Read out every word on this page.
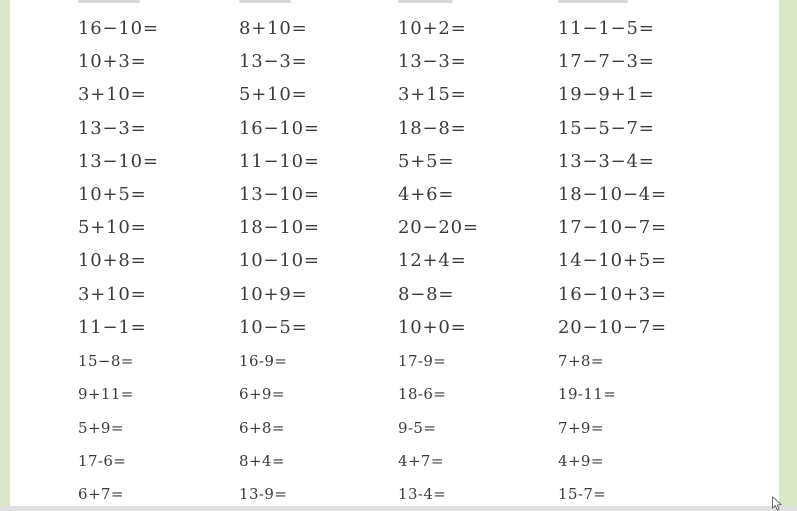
16−10=	8+10=	10+2=	11−1−5=
10+3=	13−3=	13−3=	17−7−3=
3+10=	5+10=	3+15=	19−9+1=
13−3=	16−10=	18−8=	15−5−7=
13−10=	11−10=	5+5=	13−3−4=
10+5=	13−10=	4+6=	18−10−4=
5+10=	18−10=	20−20=	17−10−7=
10+8=	10−10=	12+4=	14−10+5=
3+10=	10+9=	8−8=	16−10+3=
11−1=	10−5=	10+0=	20−10−7=
15−8=	16-9=	17-9=	7+8=
9+11=	6+9=	18-6=	19-11=
5+9=	6+8=	9-5=	7+9=
17-6=	8+4=	4+7=	4+9=
6+7=	13-9=	13-4=	15-7=
